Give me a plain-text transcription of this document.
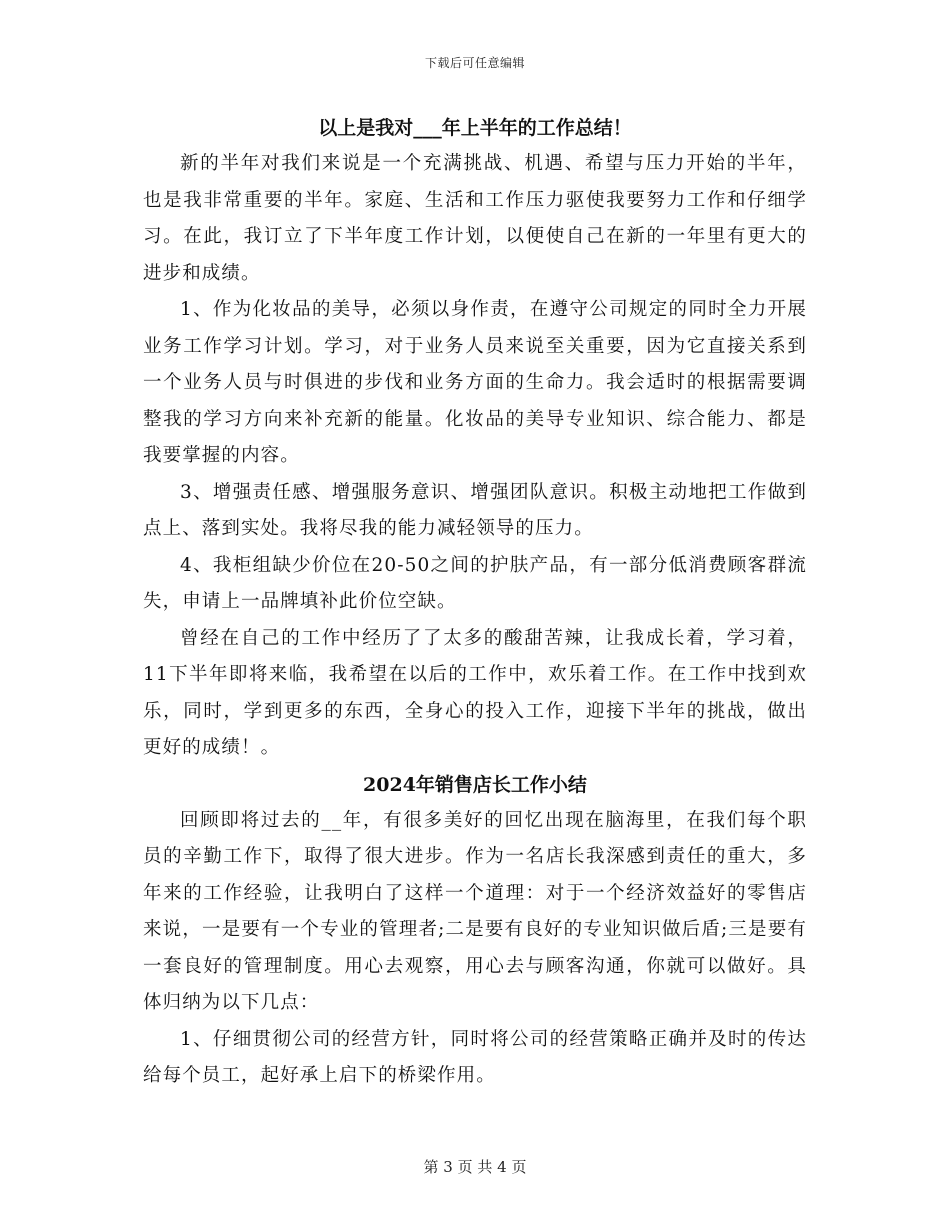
下载后可任意编辑

以上是我对___年上半年的工作总结！

新的半年对我们来说是一个充满挑战、机遇、希望与压力开始的半年，也是我非常重要的半年。家庭、生活和工作压力驱使我要努力工作和仔细学习。在此，我订立了下半年度工作计划，以便使自己在新的一年里有更大的进步和成绩。

1、作为化妆品的美导，必须以身作责，在遵守公司规定的同时全力开展业务工作学习计划。学习，对于业务人员来说至关重要，因为它直接关系到一个业务人员与时俱进的步伐和业务方面的生命力。我会适时的根据需要调整我的学习方向来补充新的能量。化妆品的美导专业知识、综合能力、都是我要掌握的内容。

3、增强责任感、增强服务意识、增强团队意识。积极主动地把工作做到点上、落到实处。我将尽我的能力减轻领导的压力。

4、我柜组缺少价位在20-50之间的护肤产品，有一部分低消费顾客群流失，申请上一品牌填补此价位空缺。

曾经在自己的工作中经历了了太多的酸甜苦辣，让我成长着，学习着，11下半年即将来临，我希望在以后的工作中，欢乐着工作。在工作中找到欢乐，同时，学到更多的东西，全身心的投入工作，迎接下半年的挑战，做出更好的成绩！。

2024年销售店长工作小结

回顾即将过去的__年，有很多美好的回忆出现在脑海里，在我们每个职员的辛勤工作下，取得了很大进步。作为一名店长我深感到责任的重大，多年来的工作经验，让我明白了这样一个道理：对于一个经济效益好的零售店来说，一是要有一个专业的管理者;二是要有良好的专业知识做后盾;三是要有一套良好的管理制度。用心去观察，用心去与顾客沟通，你就可以做好。具体归纳为以下几点：

1、仔细贯彻公司的经营方针，同时将公司的经营策略正确并及时的传达给每个员工，起好承上启下的桥梁作用。

第 3 页 共 4 页
